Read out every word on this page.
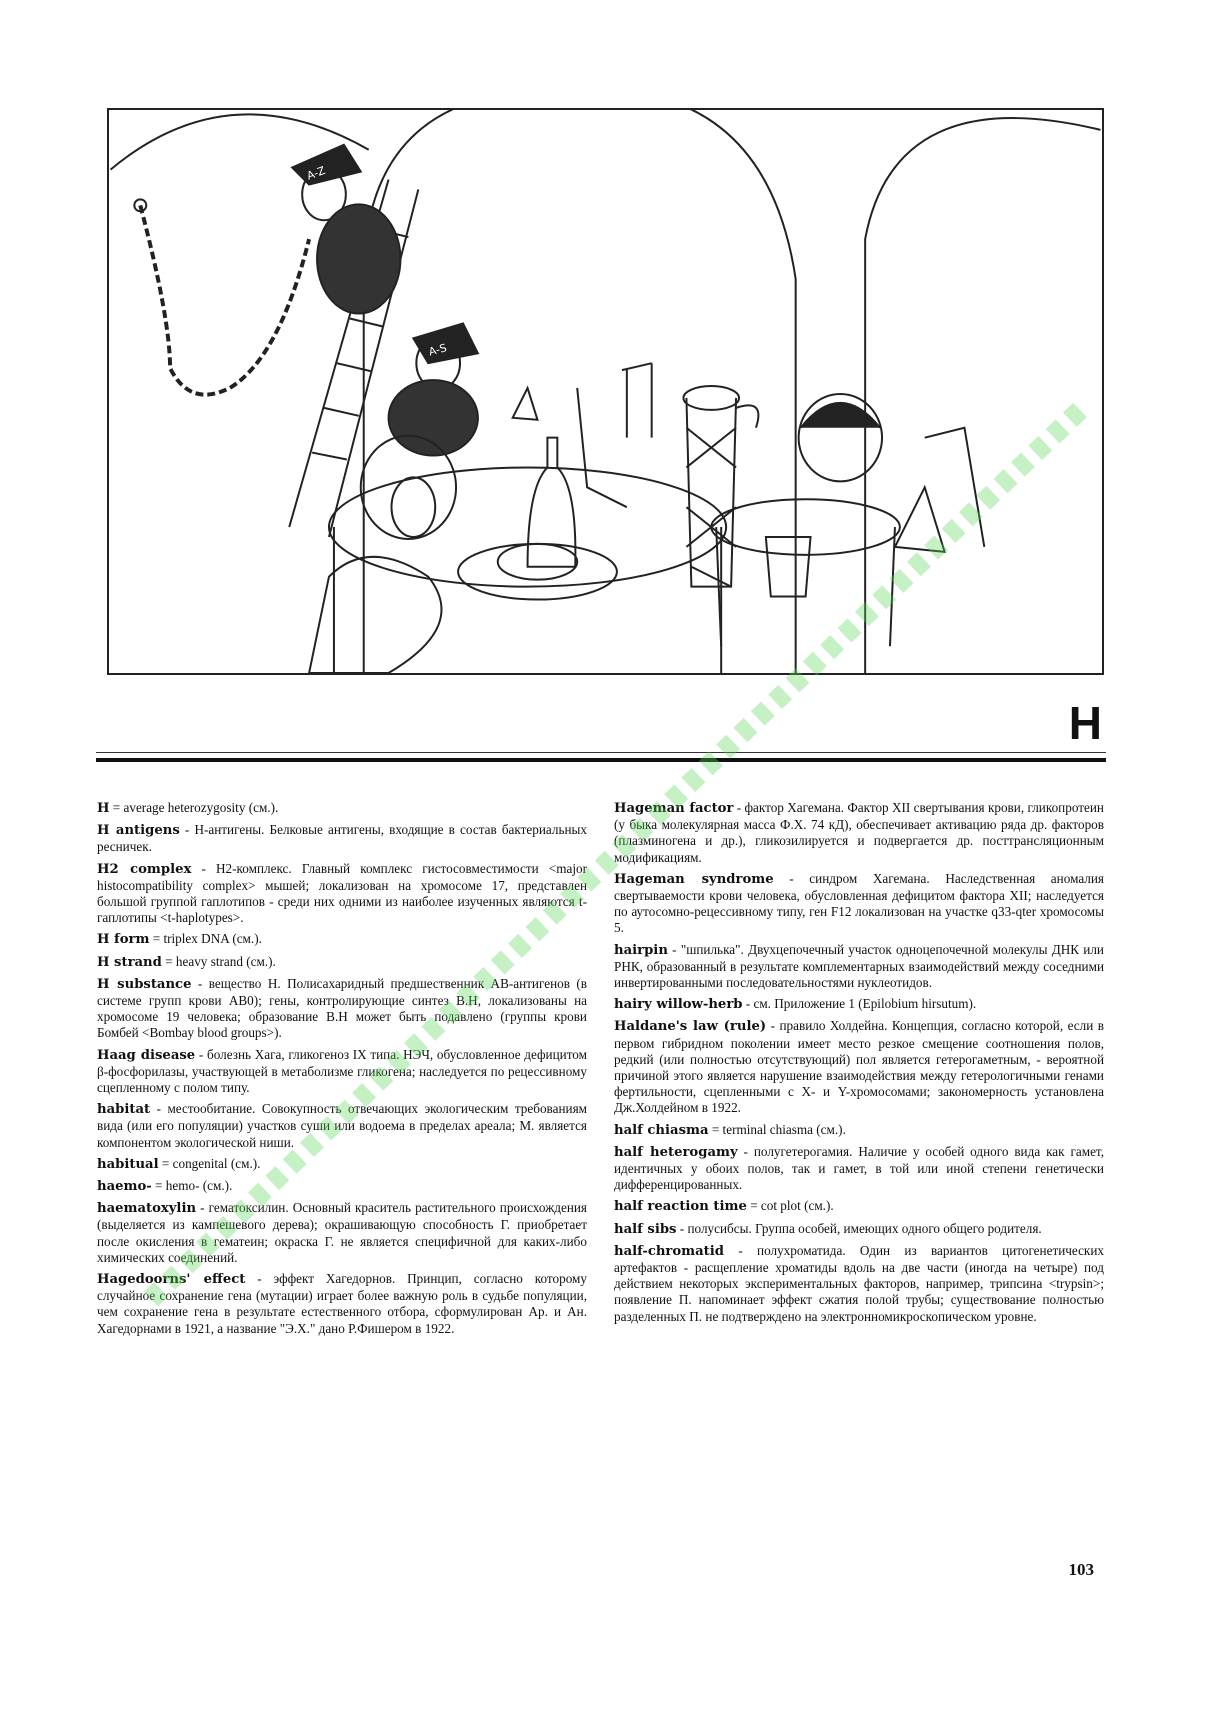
A-Z
A-S
H

H = average heterozygosity (см.).

H antigens - Н-антигены. Белковые антигены, входящие в состав бактериальных ресничек.

H2 complex - Н2-комплекс. Главный комплекс гистосовместимости <major histocompatibility complex> мышей; локализован на хромосоме 17, представлен большой группой гаплотипов - среди них одними из наиболее изученных являются t-гаплотипы <t-haplotypes>.

H form = triplex DNA (см.).

H strand = heavy strand (см.).

H substance - вещество Н. Полисахаридный предшественник АВ-антигенов (в системе групп крови АВ0); гены, контролирующие синтез В.Н, локализованы на хромосоме 19 человека; образование В.Н может быть подавлено (группы крови Бомбей <Bombay blood groups>).

Haag disease - болезнь Хага, гликогеноз IX типа. НЭЧ, обусловленное дефицитом β-фосфорилазы, участвующей в метаболизме гликогена; наследуется по рецессивному сцепленному с полом типу.

habitat - местообитание. Совокупность отвечающих экологическим требованиям вида (или его популяции) участков суши или водоема в пределах ареала; М. является компонентом экологической ниши.

habitual = congenital (см.).

haemo- = hemo- (см.).

haematoxylin - гематоксилин. Основный краситель растительного происхождения (выделяется из кампешевого дерева); окрашивающую способность Г. приобретает после окисления в гематеин; окраска Г. не является специфичной для каких-либо химических соединений.

Hagedoorns' effect - эффект Хагедорнов. Принцип, согласно которому случайное сохранение гена (мутации) играет более важную роль в судьбе популяции, чем сохранение гена в результате естественного отбора, сформулирован Ар. и Ан. Хагедорнами в 1921, а название "Э.Х." дано Р.Фишером в 1922.

Hageman factor - фактор Хагемана. Фактор XII свертывания крови, гликопротеин (у быка молекулярная масса Ф.Х. 74 кД), обеспечивает активацию ряда др. факторов (плазминогена и др.), гликозилируется и подвергается др. посттрансляционным модификациям.

Hageman syndrome - синдром Хагемана. Наследственная аномалия свертываемости крови человека, обусловленная дефицитом фактора XII; наследуется по аутосомно-рецессивному типу, ген F12 локализован на участке q33-qter хромосомы 5.

hairpin - "шпилька". Двухцепочечный участок одноцепочечной молекулы ДНК или РНК, образованный в результате комплементарных взаимодействий между соседними инвертированными последовательностями нуклеотидов.

hairy willow-herb - см. Приложение 1 (Epilobium hirsutum).

Haldane's law (rule) - правило Холдейна. Концепция, согласно которой, если в первом гибридном поколении имеет место резкое смещение соотношения полов, редкий (или полностью отсутствующий) пол является гетерогаметным, - вероятной причиной этого является нарушение взаимодействия между гетерологичными генами фертильности, сцепленными с Х- и Y-хромосомами; закономерность установлена Дж.Холдейном в 1922.

half chiasma = terminal chiasma (см.).

half heterogamy - полугетерогамия. Наличие у особей одного вида как гамет, идентичных у обоих полов, так и гамет, в той или иной степени генетически дифференцированных.

half reaction time = cot plot (см.).

half sibs - полусибсы. Группа особей, имеющих одного общего родителя.

half-chromatid - полухроматида. Один из вариантов цитогенетических артефактов - расщепление хроматиды вдоль на две части (иногда на четыре) под действием некоторых экспериментальных факторов, например, трипсина <trypsin>; появление П. напоминает эффект сжатия полой трубы; существование полностью разделенных П. не подтверждено на электронномикроскопическом уровне.

103
